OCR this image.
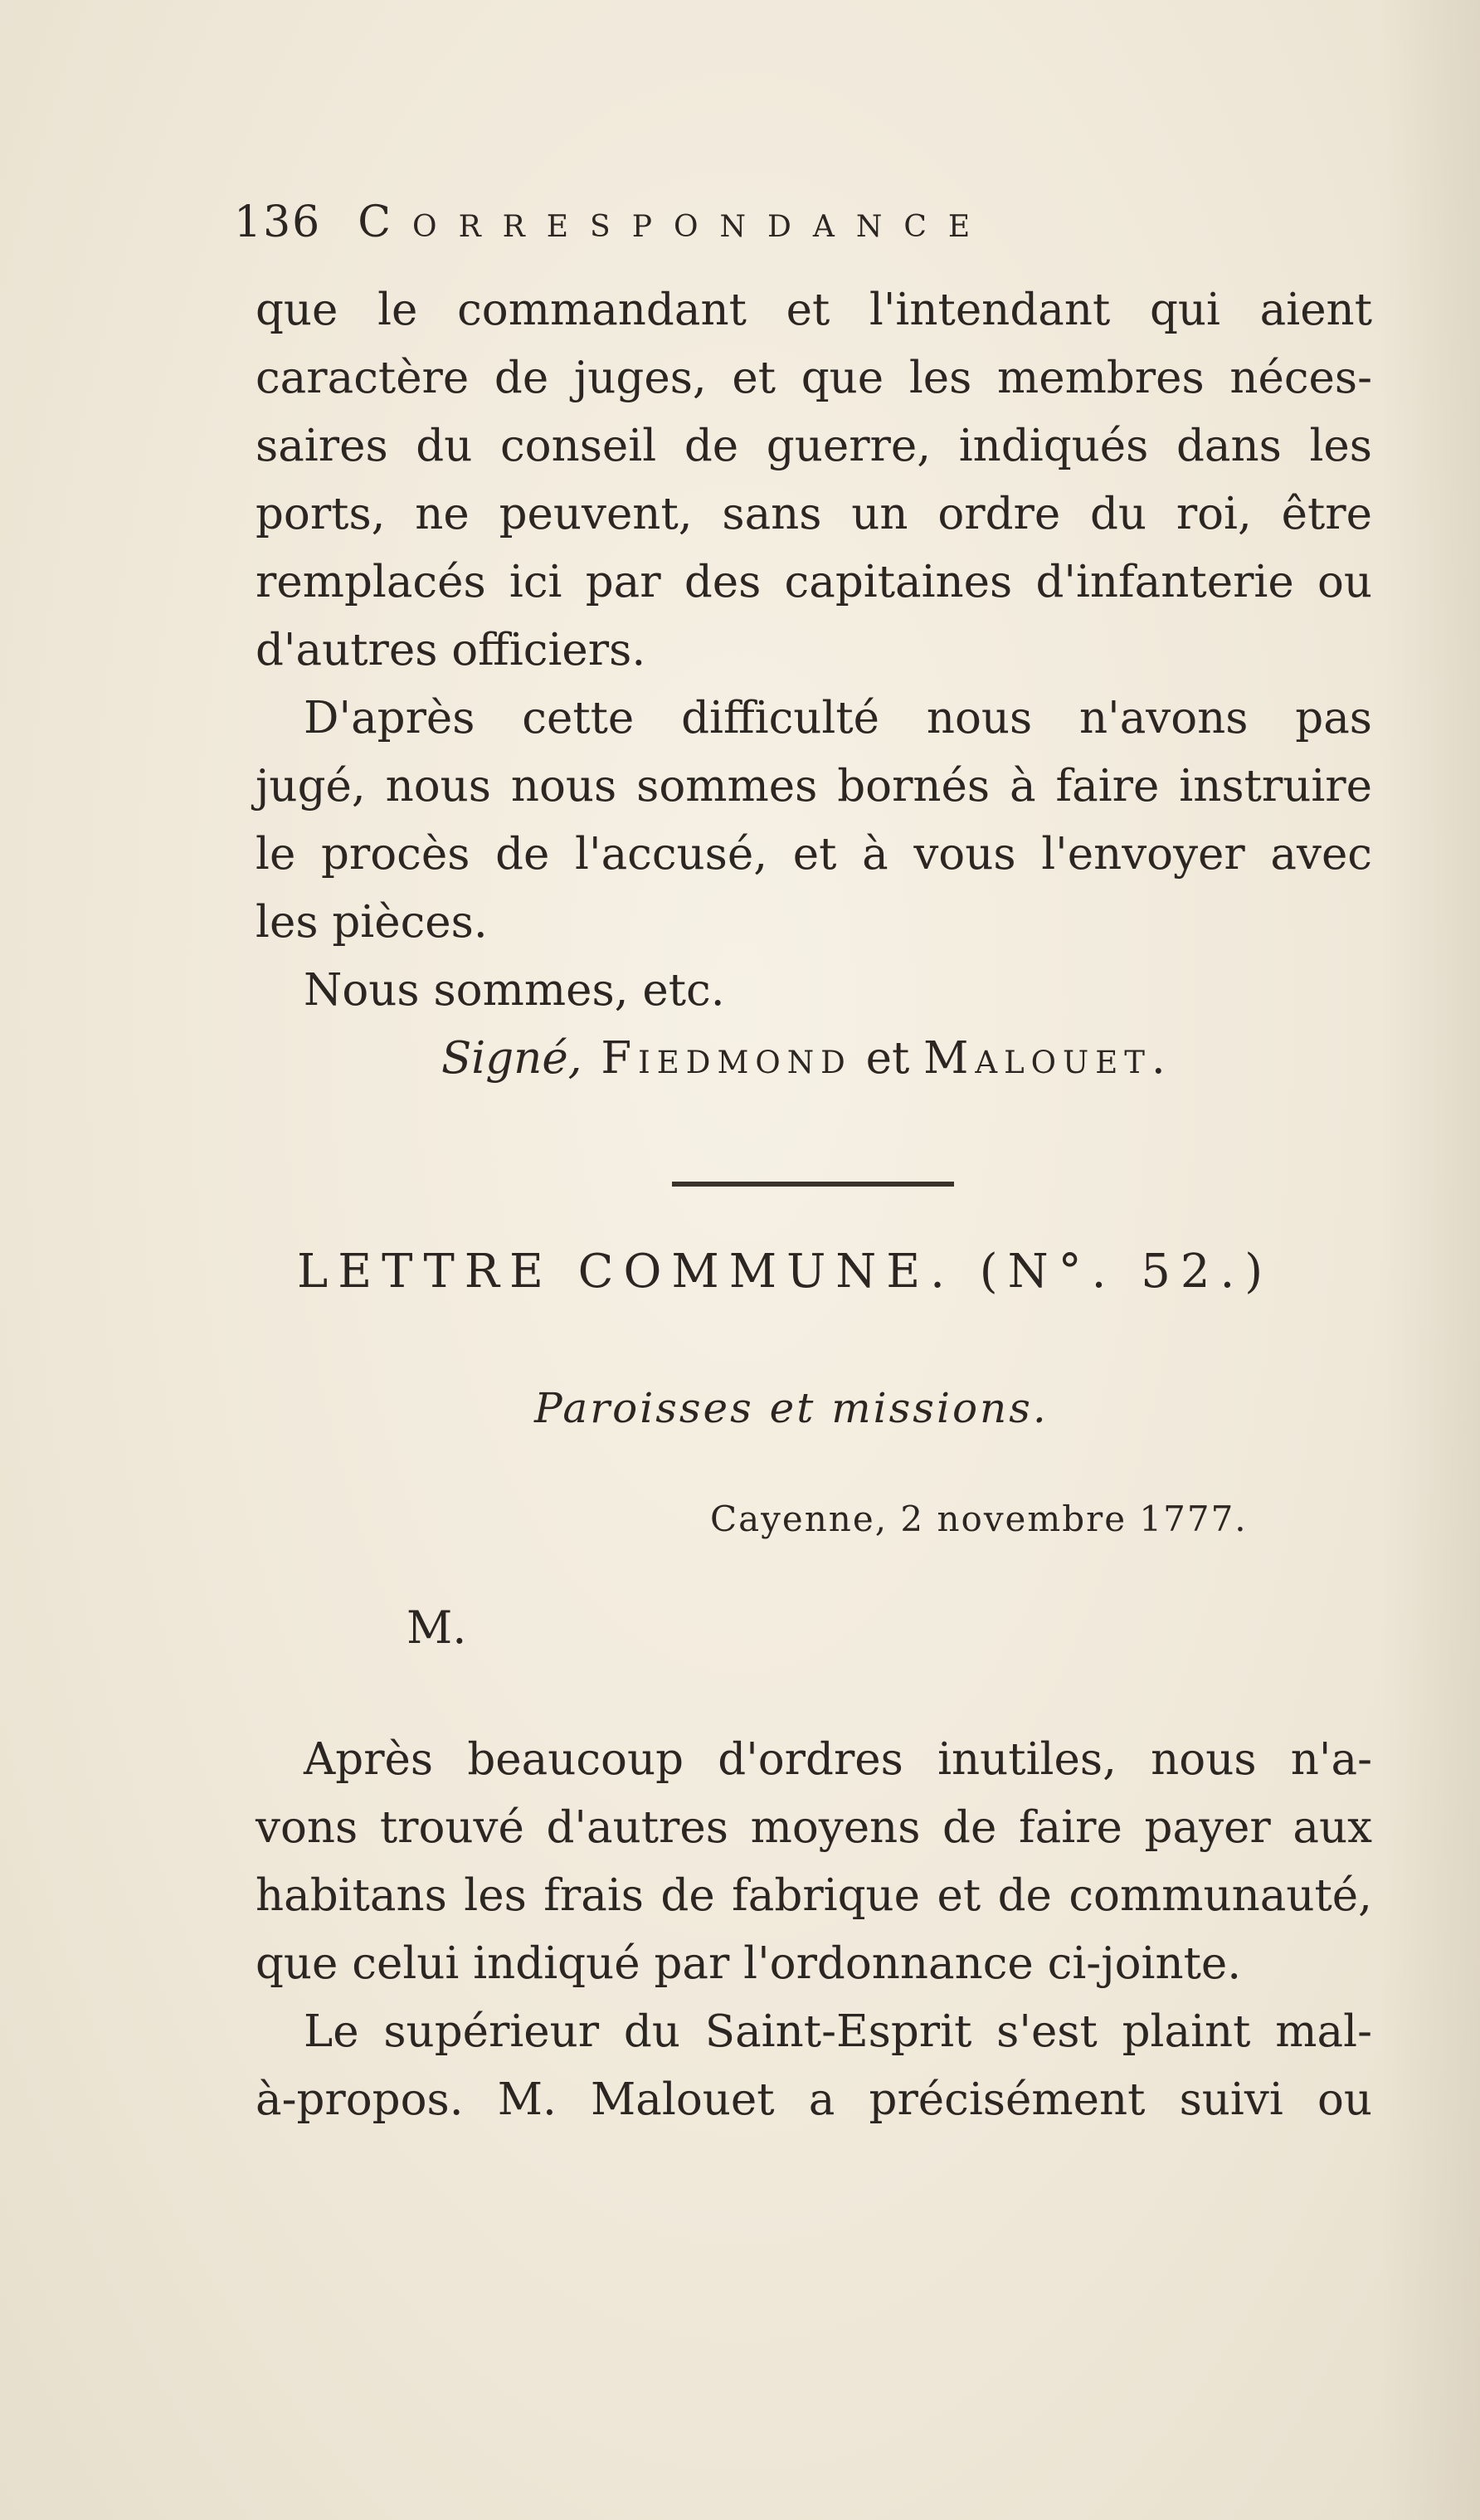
136 Correspondance
que le commandant et l'intendant qui aient
caractère de juges, et que les membres néces-
saires du conseil de guerre, indiqués dans les
ports, ne peuvent, sans un ordre du roi, être
remplacés ici par des capitaines d'infanterie ou
d'autres officiers.
D'après cette difficulté nous n'avons pas
jugé, nous nous sommes bornés à faire instruire
le procès de l'accusé, et à vous l'envoyer avec
les pièces.
Nous sommes, etc.
Signé, Fiedmond et Malouet.
LETTRE COMMUNE. (N°. 52.)
Paroisses et missions.
Cayenne, 2 novembre 1777.
M.
Après beaucoup d'ordres inutiles, nous n'a-
vons trouvé d'autres moyens de faire payer aux
habitans les frais de fabrique et de communauté,
que celui indiqué par l'ordonnance ci-jointe.
Le supérieur du Saint-Esprit s'est plaint mal-
à-propos. M. Malouet a précisément suivi ou
